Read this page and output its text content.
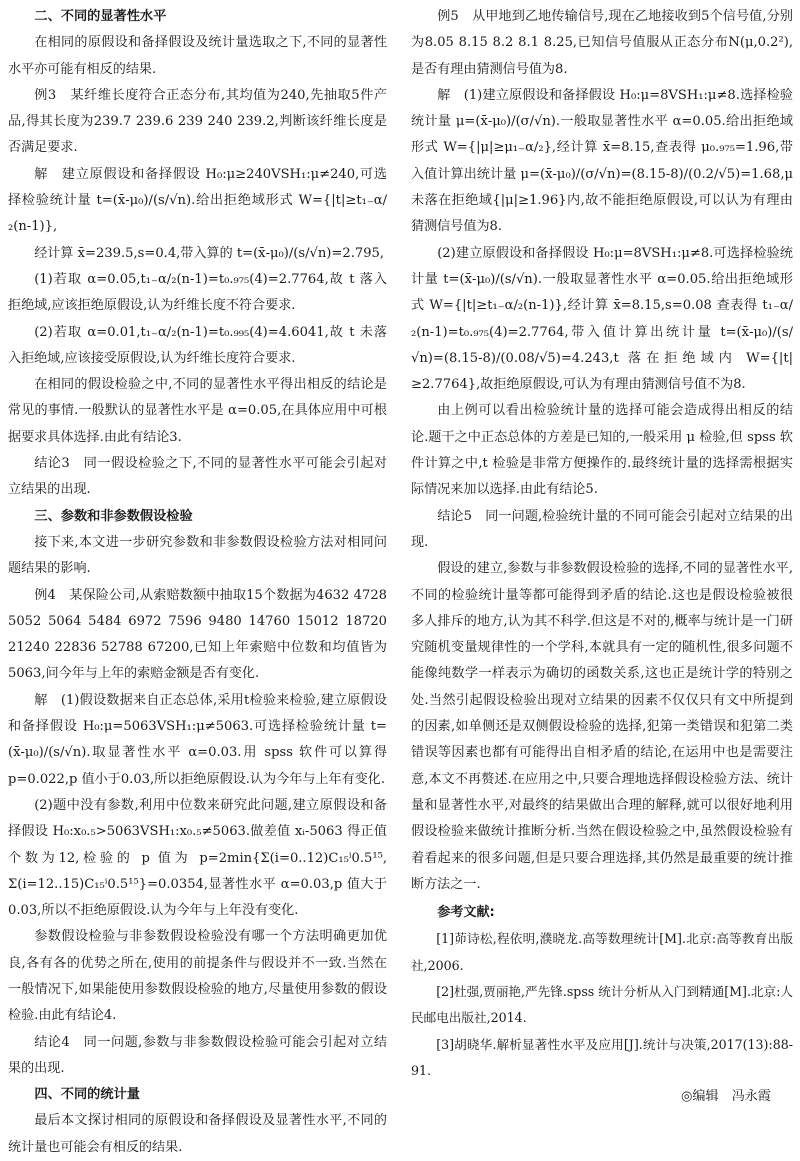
二、不同的显著性水平

在相同的原假设和备择假设及统计量选取之下,不同的显著性水平亦可能有相反的结果.

例3　某纤维长度符合正态分布,其均值为240,先抽取5件产品,得其长度为239.7 239.6 239 240 239.2,判断该纤维长度是否满足要求.

解　建立原假设和备择假设 H₀:μ≥240VSH₁:μ≠240,可选择检验统计量 t=(x̄-μ₀)/(s/√n).给出拒绝域形式 W={|t|≥t₁₋α/₂(n-1)},

经计算 x̄=239.5,s=0.4,带入算的 t=(x̄-μ₀)/(s/√n)=2.795,

(1)若取 α=0.05,t₁₋α/₂(n-1)=t₀.₉₇₅(4)=2.7764,故 t 落入拒绝域,应该拒绝原假设,认为纤维长度不符合要求.

(2)若取 α=0.01,t₁₋α/₂(n-1)=t₀.₉₉₅(4)=4.6041,故 t 未落入拒绝域,应该接受原假设,认为纤维长度符合要求.

在相同的假设检验之中,不同的显著性水平得出相反的结论是常见的事情.一般默认的显著性水平是 α=0.05,在具体应用中可根据要求具体选择.由此有结论3.

结论3　同一假设检验之下,不同的显著性水平可能会引起对立结果的出现.

三、参数和非参数假设检验

接下来,本文进一步研究参数和非参数假设检验方法对相同问题结果的影响.

例4　某保险公司,从索赔数额中抽取15个数据为4632 4728 5052 5064 5484 6972 7596 9480 14760 15012 18720 21240 22836 52788 67200,已知上年索赔中位数和均值皆为5063,问今年与上年的索赔金额是否有变化.

解　(1)假设数据来自正态总体,采用t检验来检验,建立原假设和备择假设 H₀:μ=5063VSH₁:μ≠5063.可选择检验统计量 t=(x̄-μ₀)/(s/√n).取显著性水平 α=0.03.用 spss 软件可以算得 p=0.022,p 值小于0.03,所以拒绝原假设.认为今年与上年有变化.

(2)题中没有参数,利用中位数来研究此问题,建立原假设和备择假设 H₀:x₀.₅>5063VSH₁:x₀.₅≠5063.做差值 xᵢ-5063 得正值个数为12,检验的 p 值为 p=2min{Σ(i=0..12)C₁₅ⁱ0.5¹⁵, Σ(i=12..15)C₁₅ⁱ0.5¹⁵}=0.0354,显著性水平 α=0.03,p 值大于0.03,所以不拒绝原假设.认为今年与上年没有变化.

参数假设检验与非参数假设检验没有哪一个方法明确更加优良,各有各的优势之所在,使用的前提条件与假设并不一致.当然在一般情况下,如果能使用参数假设检验的地方,尽量使用参数的假设检验.由此有结论4.

结论4　同一问题,参数与非参数假设检验可能会引起对立结果的出现.

四、不同的统计量

最后本文探讨相同的原假设和备择假设及显著性水平,不同的统计量也可能会有相反的结果.

例5　从甲地到乙地传输信号,现在乙地接收到5个信号值,分别为8.05 8.15 8.2 8.1 8.25,已知信号值服从正态分布N(μ,0.2²),是否有理由猜测信号值为8.

解　(1)建立原假设和备择假设 H₀:μ=8VSH₁:μ≠8.选择检验统计量 μ=(x̄-μ₀)/(σ/√n).一般取显著性水平 α=0.05.给出拒绝域形式 W={|μ|≥μ₁₋α/₂},经计算 x̄=8.15,查表得 μ₀.₉₇₅=1.96,带入值计算出统计量 μ=(x̄-μ₀)/(σ/√n)=(8.15-8)/(0.2/√5)=1.68,μ 未落在拒绝域{|μ|≥1.96}内,故不能拒绝原假设,可以认为有理由猜测信号值为8.

(2)建立原假设和备择假设 H₀:μ=8VSH₁:μ≠8.可选择检验统计量 t=(x̄-μ₀)/(s/√n).一般取显著性水平 α=0.05.给出拒绝域形式 W={|t|≥t₁₋α/₂(n-1)},经计算 x̄=8.15,s=0.08 查表得 t₁₋α/₂(n-1)=t₀.₉₇₅(4)=2.7764,带入值计算出统计量 t=(x̄-μ₀)/(s/√n)=(8.15-8)/(0.08/√5)=4.243,t 落在拒绝域内 W={|t|≥2.7764},故拒绝原假设,可认为有理由猜测信号值不为8.

由上例可以看出检验统计量的选择可能会造成得出相反的结论.题干之中正态总体的方差是已知的,一般采用 μ 检验,但 spss 软件计算之中,t 检验是非常方便操作的.最终统计量的选择需根据实际情况来加以选择.由此有结论5.

结论5　同一问题,检验统计量的不同可能会引起对立结果的出现.

假设的建立,参数与非参数假设检验的选择,不同的显著性水平,不同的检验统计量等都可能得到矛盾的结论.这也是假设检验被很多人排斥的地方,认为其不科学.但这是不对的,概率与统计是一门研究随机变量规律性的一个学科,本就具有一定的随机性,很多问题不能像纯数学一样表示为确切的函数关系,这也正是统计学的特别之处.当然引起假设检验出现对立结果的因素不仅仅只有文中所提到的因素,如单侧还是双侧假设检验的选择,犯第一类错误和犯第二类错误等因素也都有可能得出自相矛盾的结论,在运用中也是需要注意,本文不再赘述.在应用之中,只要合理地选择假设检验方法、统计量和显著性水平,对最终的结果做出合理的解释,就可以很好地利用假设检验来做统计推断分析.当然在假设检验之中,虽然假设检验有着看起来的很多问题,但是只要合理选择,其仍然是最重要的统计推断方法之一.

参考文献:

[1]茆诗松,程依明,濮晓龙.高等数理统计[M].北京:高等教育出版社,2006.

[2]杜强,贾丽艳,严先锋.spss 统计分析从入门到精通[M].北京:人民邮电出版社,2014.

[3]胡晓华.解析显著性水平及应用[J].统计与决策,2017(13):88-91.

◎编辑　冯永霞
